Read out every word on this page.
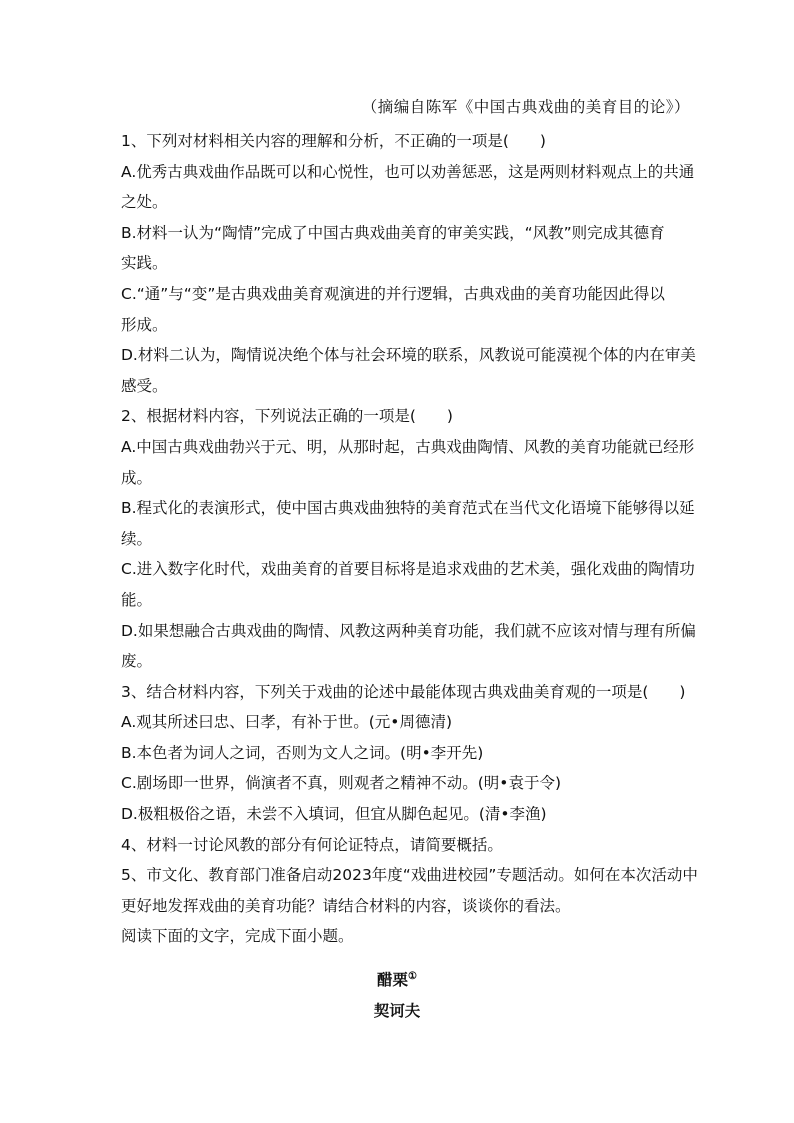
（摘编自陈军《中国古典戏曲的美育目的论》）
1、下列对材料相关内容的理解和分析，不正确的一项是(　　)
A.优秀古典戏曲作品既可以和心悦性，也可以劝善惩恶，这是两则材料观点上的共通
之处。
B.材料一认为“陶情”完成了中国古典戏曲美育的审美实践，“风教”则完成其德育
实践。
C.“通”与“变”是古典戏曲美育观演进的并行逻辑，古典戏曲的美育功能因此得以
形成。
D.材料二认为，陶情说决绝个体与社会环境的联系，风教说可能漠视个体的内在审美
感受。
2、根据材料内容，下列说法正确的一项是(　　)
A.中国古典戏曲勃兴于元、明，从那时起，古典戏曲陶情、风教的美育功能就已经形
成。
B.程式化的表演形式，使中国古典戏曲独特的美育范式在当代文化语境下能够得以延
续。
C.进入数字化时代，戏曲美育的首要目标将是追求戏曲的艺术美，强化戏曲的陶情功
能。
D.如果想融合古典戏曲的陶情、风教这两种美育功能，我们就不应该对情与理有所偏
废。
3、结合材料内容，下列关于戏曲的论述中最能体现古典戏曲美育观的一项是(　　)
A.观其所述曰忠、曰孝，有补于世。(元•周德清)
B.本色者为词人之词，否则为文人之词。(明•李开先)
C.剧场即一世界，倘演者不真，则观者之精神不动。(明•袁于令)
D.极粗极俗之语，未尝不入填词，但宜从脚色起见。(清•李渔)
4、材料一讨论风教的部分有何论证特点，请简要概括。
5、市文化、教育部门准备启动2023年度“戏曲进校园”专题活动。如何在本次活动中
更好地发挥戏曲的美育功能？请结合材料的内容，谈谈你的看法。
阅读下面的文字，完成下面小题。
醋栗①
契诃夫
